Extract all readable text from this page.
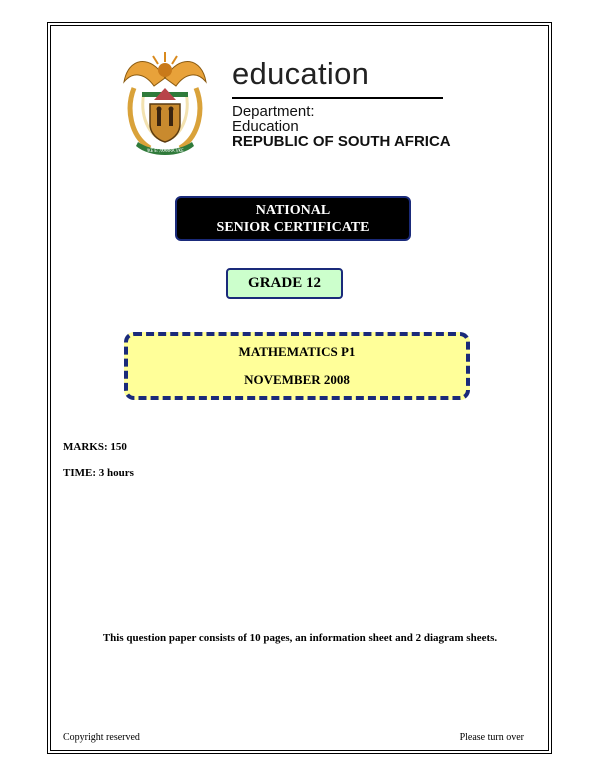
!KE E: /XARRA //KE
education
Department:
Education
REPUBLIC OF SOUTH AFRICA
NATIONAL
SENIOR CERTIFICATE
GRADE 12
MATHEMATICS P1
NOVEMBER 2008
MARKS: 150
TIME: 3 hours
This question paper consists of 10 pages, an information sheet and 2 diagram sheets.
Copyright reserved	Please turn over
